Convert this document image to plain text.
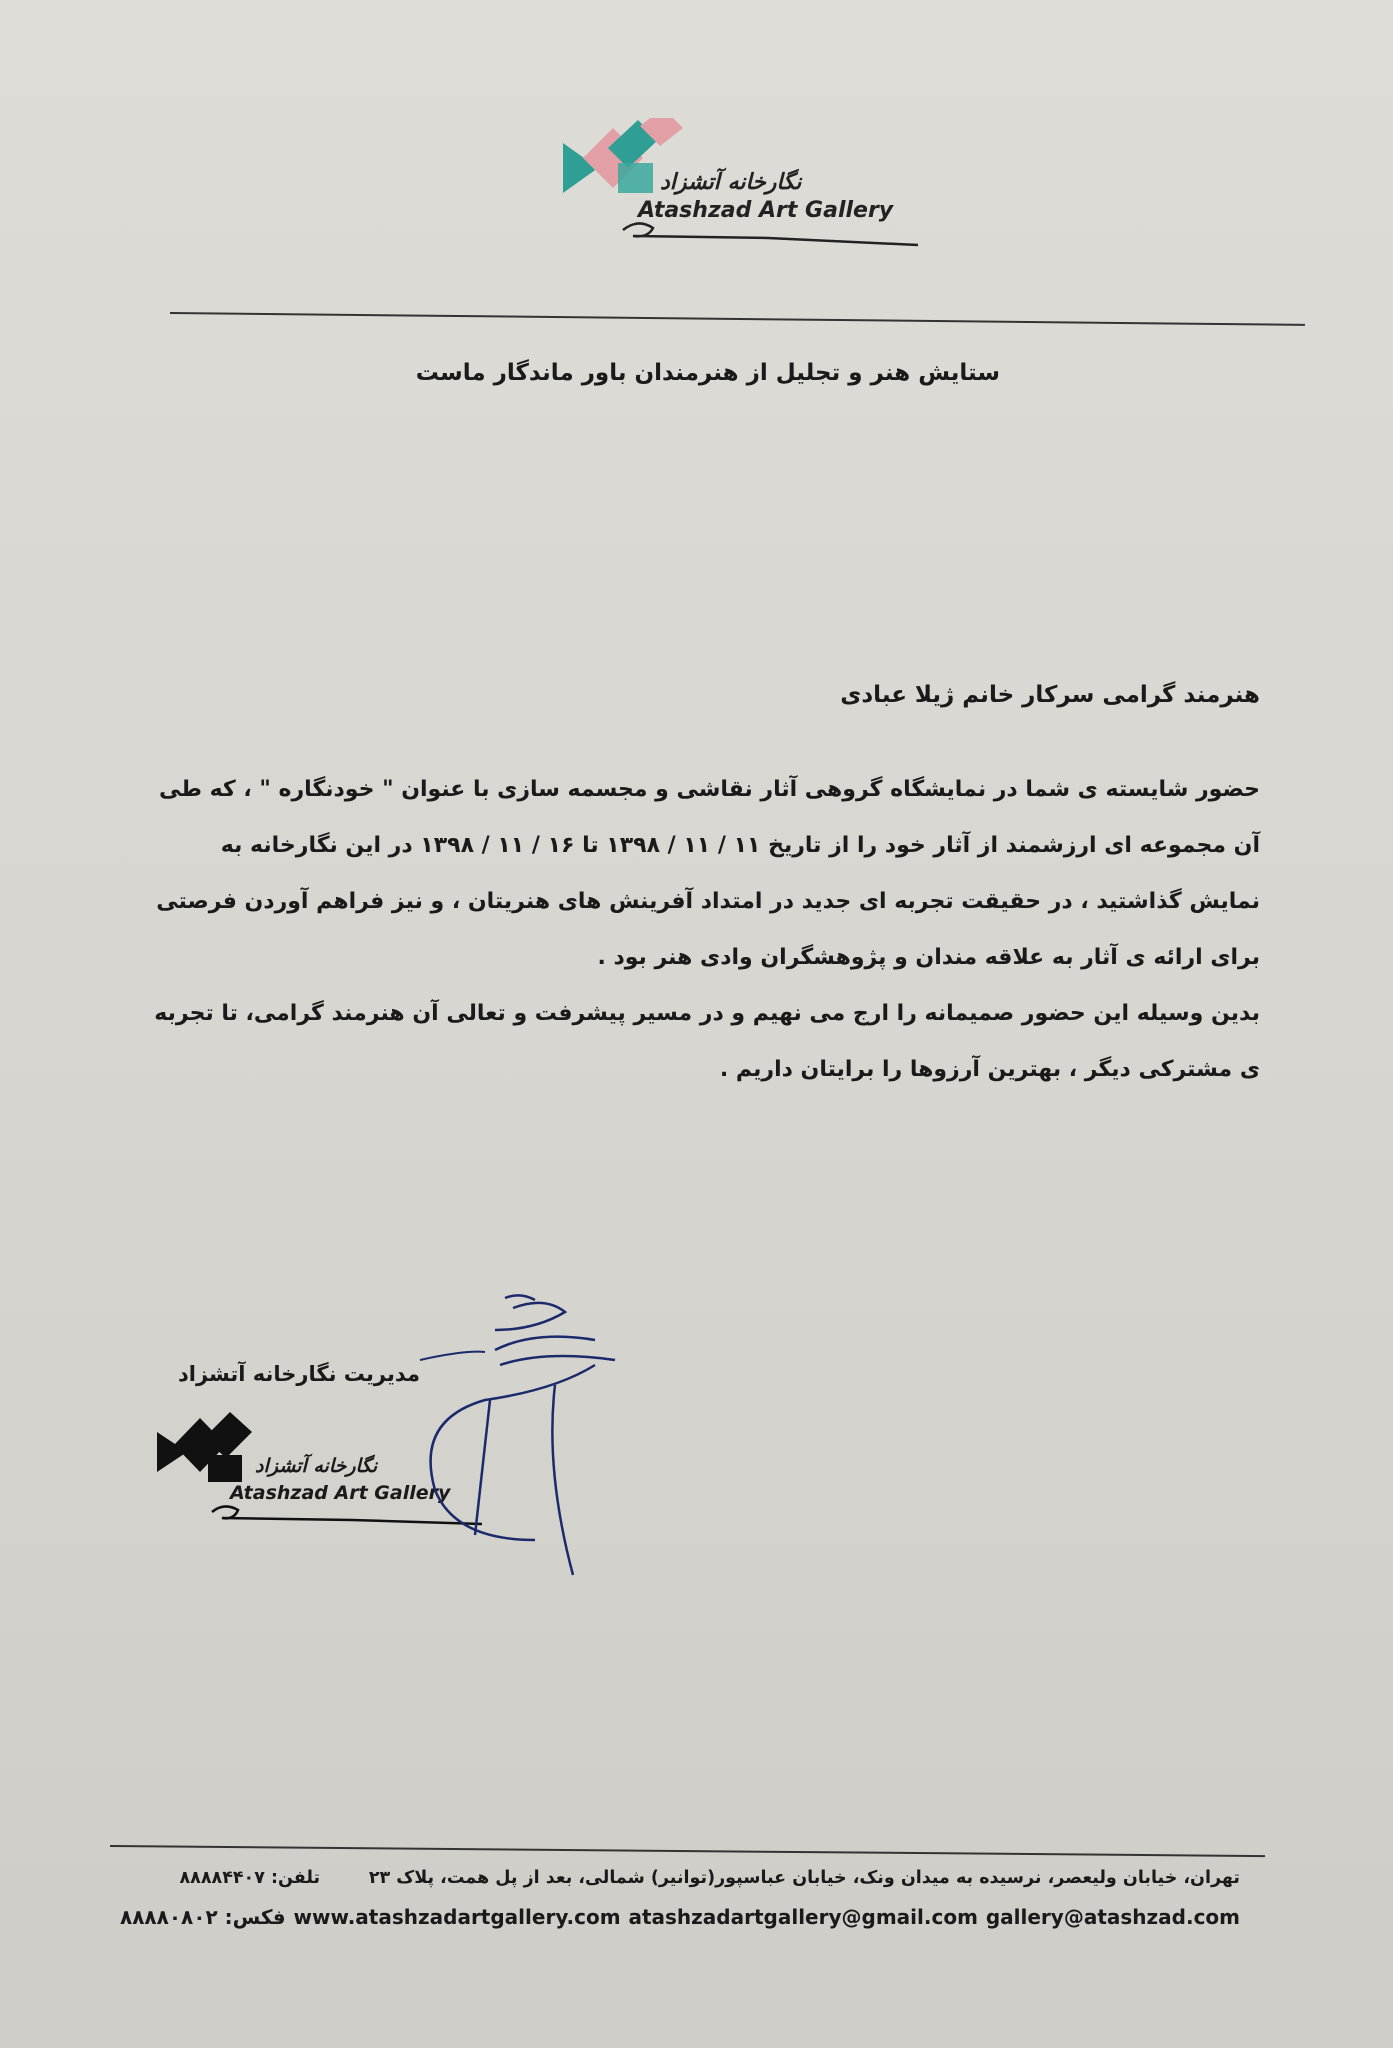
نگارخانه آتشزاد
Atashzad Art Gallery
ستایش هنر و تجلیل از هنرمندان باور ماندگار ماست
هنرمند گرامی سرکار خانم ژیلا عبادی

حضور شایسته ی شما در نمایشگاه گروهی آثار نقاشی و مجسمه سازی با عنوان " خودنگاره " ، که طی آن مجموعه ای ارزشمند از آثار خود را از تاریخ ۱۱ / ۱۱ / ۱۳۹۸ تا ۱۶ / ۱۱ / ۱۳۹۸ در این نگارخانه به نمایش گذاشتید ، در حقیقت تجربه ای جدید در امتداد آفرینش های هنریتان ، و نیز فراهم آوردن فرصتی برای ارائه ی آثار به علاقه مندان و پژوهشگران وادی هنر بود .

بدین وسیله این حضور صمیمانه را ارج می نهیم و در مسیر پیشرفت و تعالی آن هنرمند گرامی، تا تجربه ی مشترکی دیگر ، بهترین آرزوها را برایتان داریم .

مدیریت نگارخانه آتشزاد
نگارخانه آتشزاد
Atashzad Art Gallery
تهران، خیابان ولیعصر، نرسیده به میدان ونک، خیابان عباسپور(توانیر) شمالی، بعد از پل همت، پلاک ۲۳        تلفن: ۸۸۸۸۴۴۰۷
gallery@atashzad.com
atashzadartgallery@gmail.com
www.atashzadartgallery.com
فکس: ۸۸۸۸۰۸۰۲
